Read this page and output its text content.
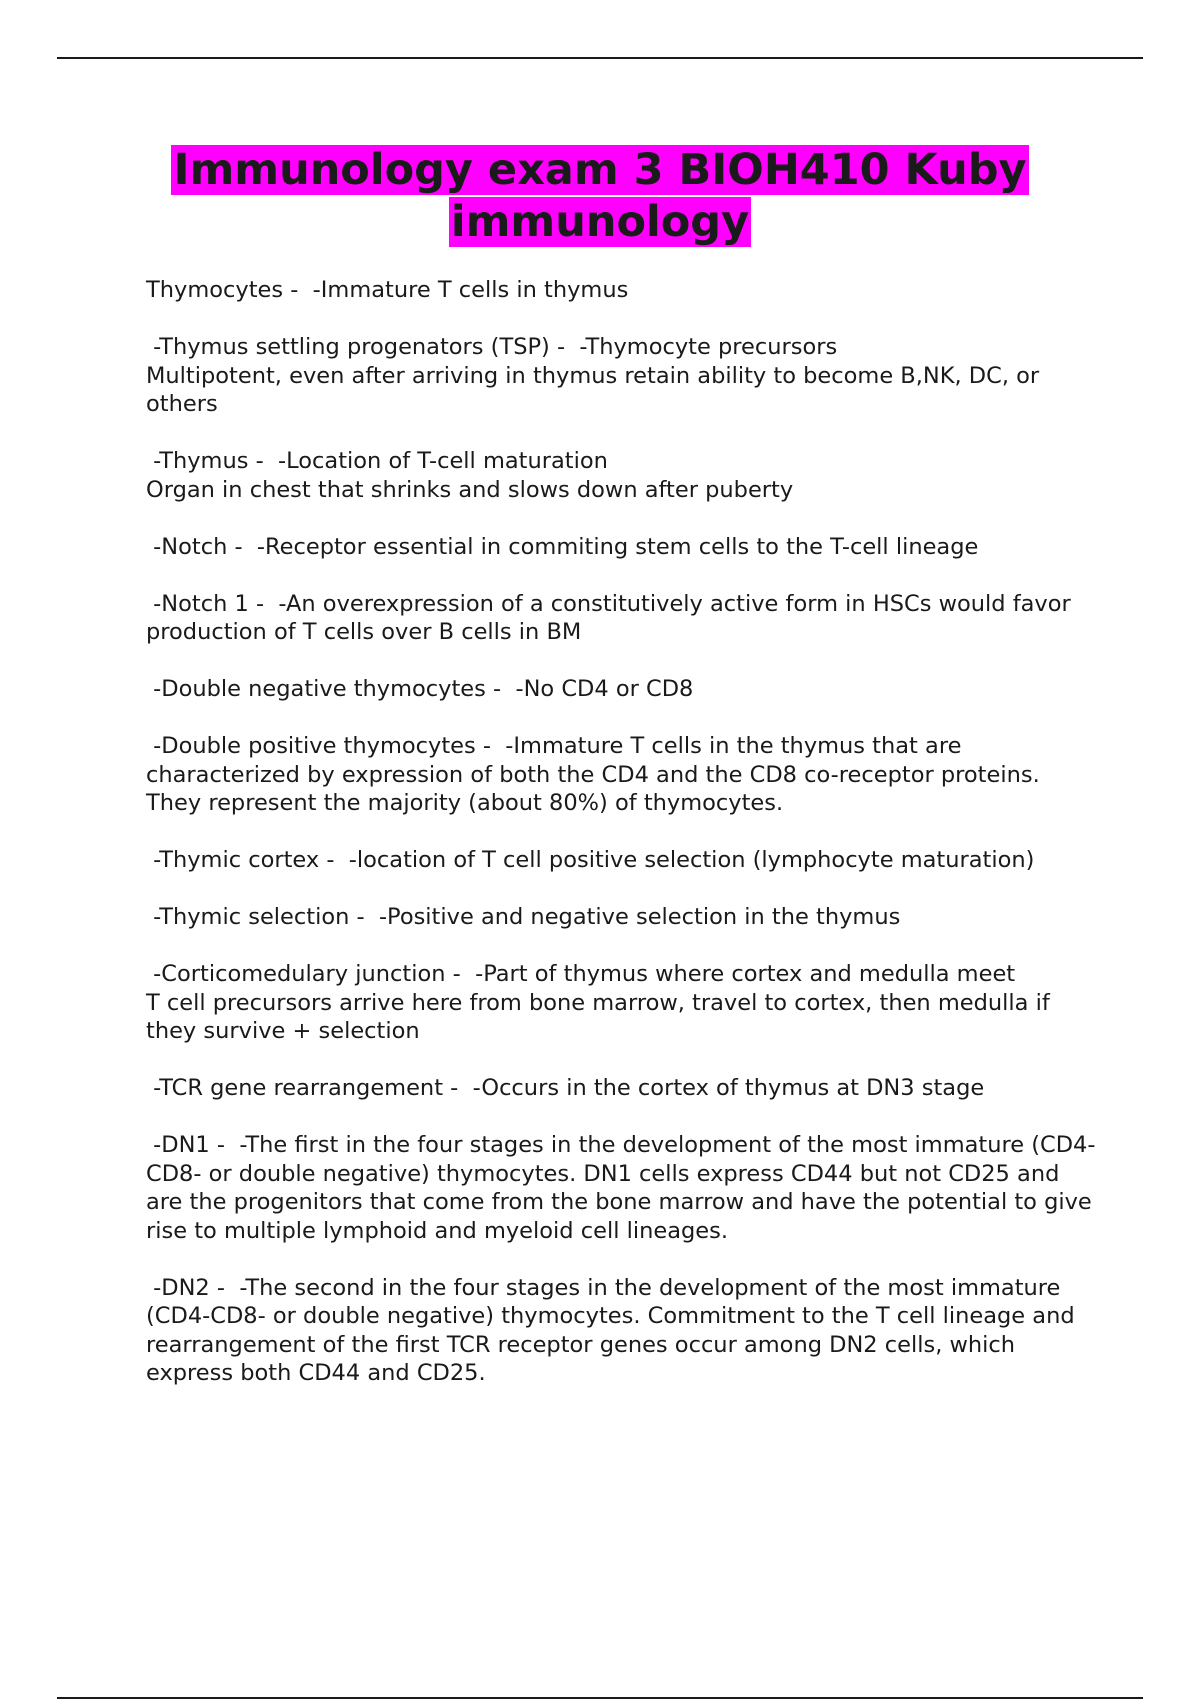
Immunology exam 3 BIOH410 Kuby immunology

Thymocytes -  -Immature T cells in thymus

-Thymus settling progenators (TSP) -  -Thymocyte precursors
Multipotent, even after arriving in thymus retain ability to become B,NK, DC, or others

-Thymus -  -Location of T-cell maturation
Organ in chest that shrinks and slows down after puberty

-Notch -  -Receptor essential in commiting stem cells to the T-cell lineage

-Notch 1 -  -An overexpression of a constitutively active form in HSCs would favor production of T cells over B cells in BM

-Double negative thymocytes -  -No CD4 or CD8

-Double positive thymocytes -  -Immature T cells in the thymus that are characterized by expression of both the CD4 and the CD8 co-receptor proteins. They represent the majority (about 80%) of thymocytes.

-Thymic cortex -  -location of T cell positive selection (lymphocyte maturation)

-Thymic selection -  -Positive and negative selection in the thymus

-Corticomedulary junction -  -Part of thymus where cortex and medulla meet
T cell precursors arrive here from bone marrow, travel to cortex, then medulla if they survive + selection

-TCR gene rearrangement -  -Occurs in the cortex of thymus at DN3 stage

-DN1 -  -The first in the four stages in the development of the most immature (CD4-CD8- or double negative) thymocytes. DN1 cells express CD44 but not CD25 and are the progenitors that come from the bone marrow and have the potential to give rise to multiple lymphoid and myeloid cell lineages.

-DN2 -  -The second in the four stages in the development of the most immature (CD4-CD8- or double negative) thymocytes. Commitment to the T cell lineage and rearrangement of the first TCR receptor genes occur among DN2 cells, which express both CD44 and CD25.
